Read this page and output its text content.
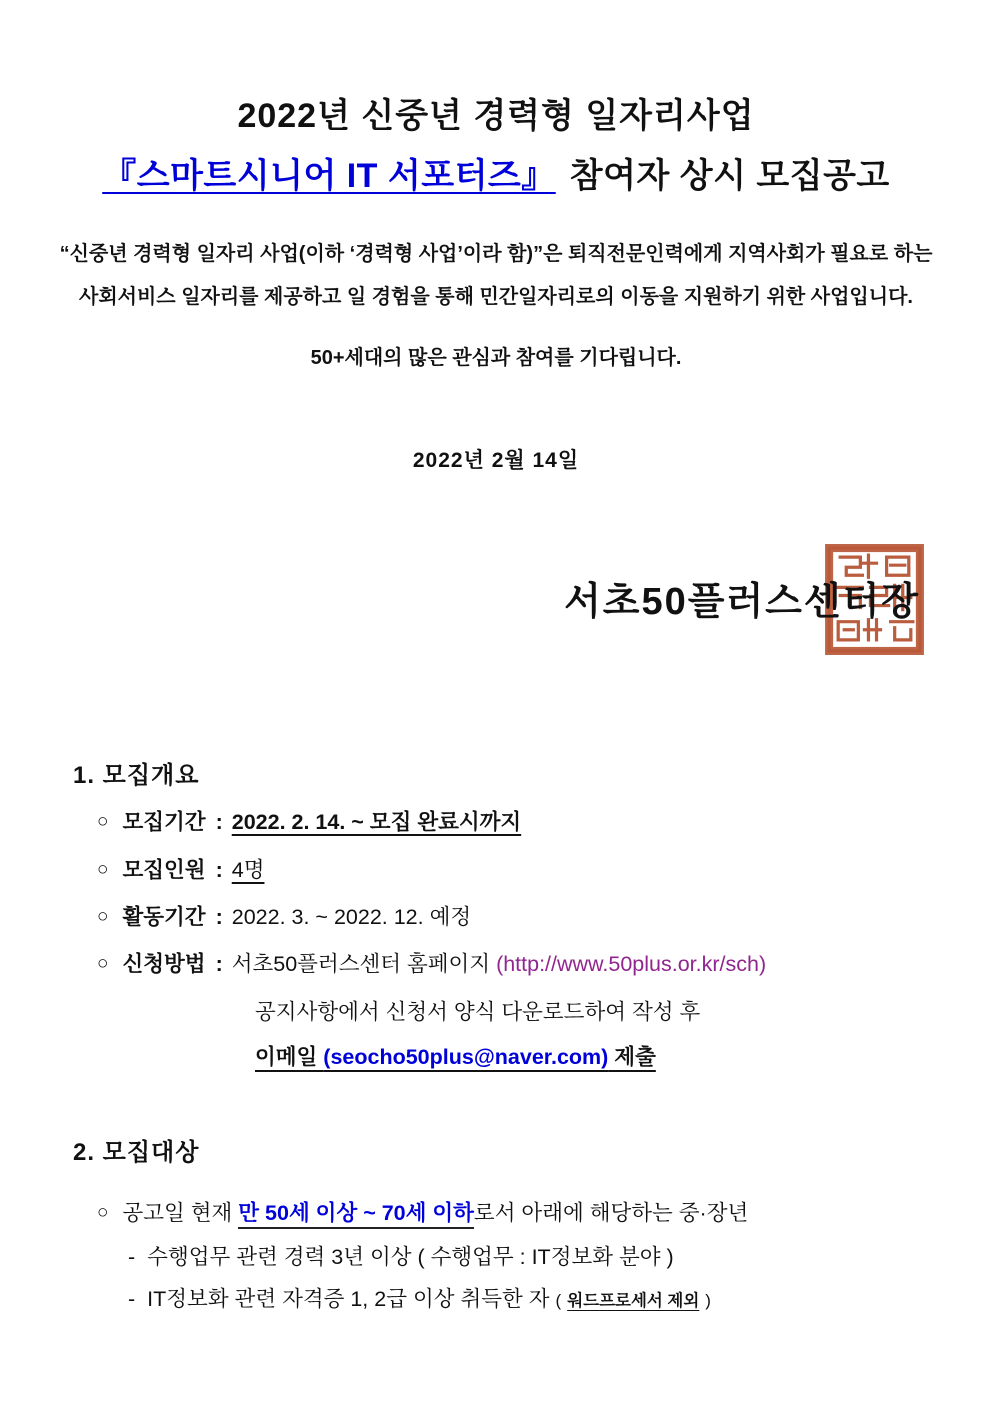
2022년 신중년 경력형 일자리사업
『스마트시니어 IT 서포터즈』 참여자 상시 모집공고
“신중년 경력형 일자리 사업(이하 ‘경력형 사업’이라 함)”은 퇴직전문인력에게 지역사회가 필요로 하는
사회서비스 일자리를 제공하고 일 경험을 통해 민간일자리로의 이동을 지원하기 위한 사업입니다.
50+세대의 많은 관심과 참여를 기다립니다.
2022년 2월 14일
서초50플러스센터장
1. 모집개요
○ 모집기간 : 2022. 2. 14. ~ 모집 완료시까지
○ 모집인원 : 4명
○ 활동기간 : 2022. 3. ~ 2022. 12. 예정
○ 신청방법 : 서초50플러스센터 홈페이지 (http://www.50plus.or.kr/sch)
공지사항에서 신청서 양식 다운로드하여 작성 후
이메일 (seocho50plus@naver.com) 제출
2. 모집대상
○ 공고일 현재 만 50세 이상 ~ 70세 이하로서 아래에 해당하는 중·장년
- 수행업무 관련 경력 3년 이상 ( 수행업무 : IT정보화 분야 )
- IT정보화 관련 자격증 1, 2급 이상 취득한 자 ( 워드프로세서 제외 )
